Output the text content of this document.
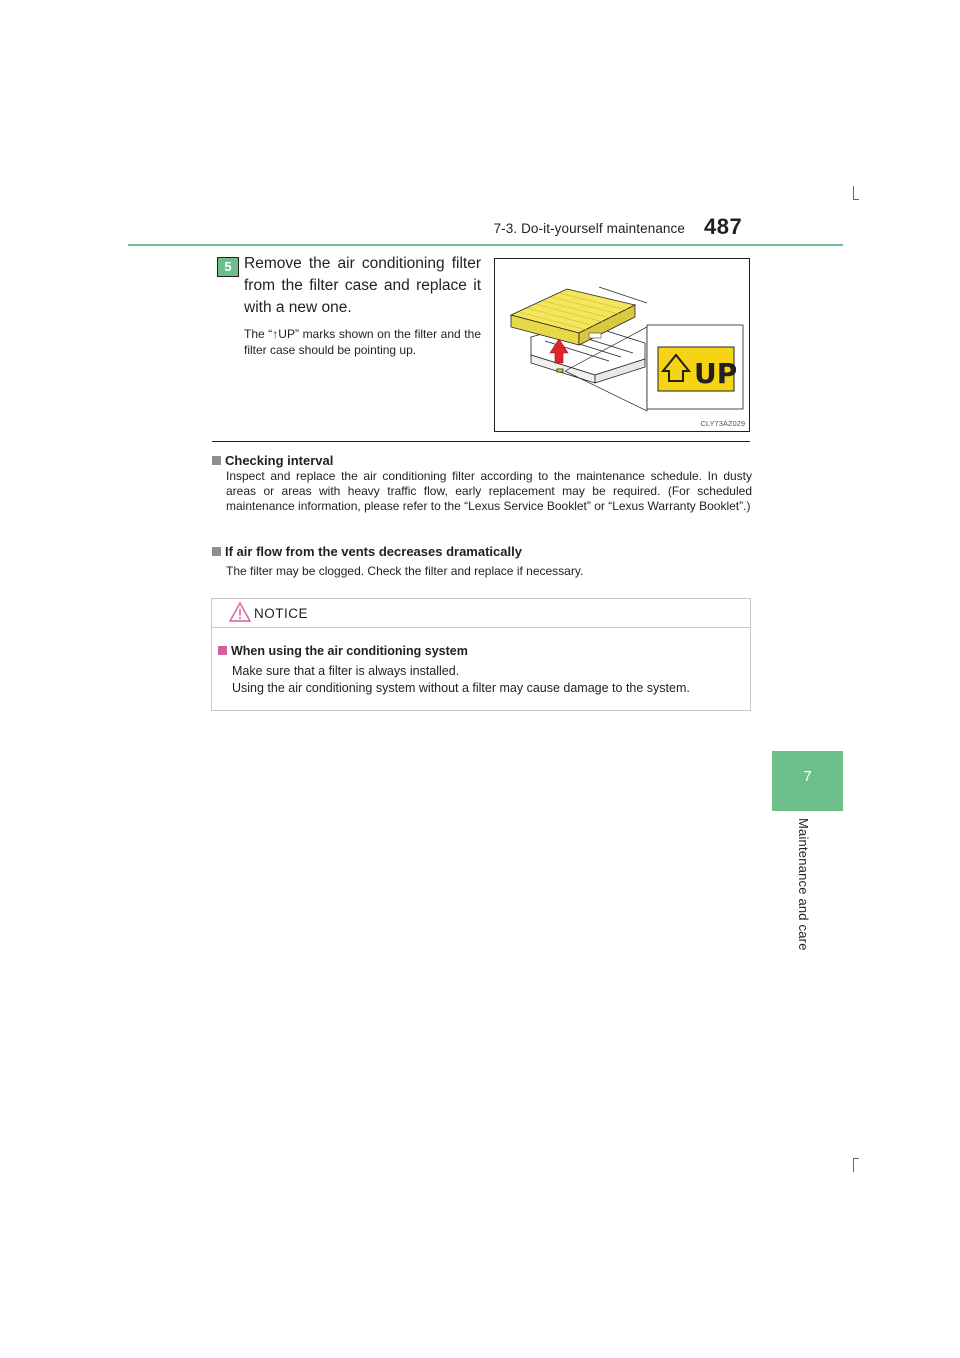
7-3. Do-it-yourself maintenance 487
7
Maintenance and care
5 Remove the air conditioning filter from the filter case and replace it with a new one.
The “↑UP” marks shown on the filter and the filter case should be pointing up.
UP
CLY73AZ029
Checking interval
Inspect and replace the air conditioning filter according to the maintenance schedule. In dusty areas or areas with heavy traffic flow, early replacement may be required. (For scheduled maintenance information, please refer to the “Lexus Service Booklet” or “Lexus Warranty Booklet”.)
If air flow from the vents decreases dramatically
The filter may be clogged. Check the filter and replace if necessary.
NOTICE
When using the air conditioning system
Make sure that a filter is always installed.
Using the air conditioning system without a filter may cause damage to the system.
